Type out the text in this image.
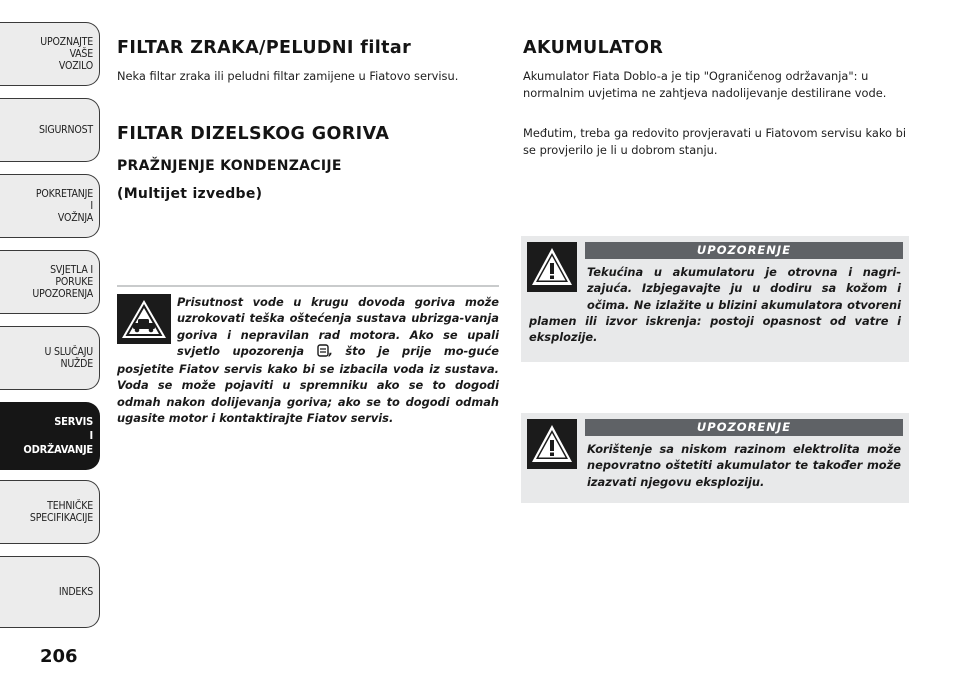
UPOZNAJTE
VAŠE
VOZILO
SIGURNOST
POKRETANJE
I
VOŽNJA
SVJETLA I
PORUKE
UPOZORENJA
U SLUČAJU
NUŽDE
SERVIS
I
ODRŽAVANJE
TEHNIČKE
SPECIFIKACIJE
INDEKS
206
FILTAR ZRAKA/PELUDNI filtar

Neka filtar zraka ili peludni filtar zamijene u Fiatovo servisu.

FILTAR DIZELSKOG GORIVA
PRAŽNJENJE KONDENZACIJE
(Multijet izvedbe)

Prisutnost vode u krugu dovoda goriva može uzrokovati teška oštećenja sustava ubrizga-vanja goriva i nepravilan rad motora. Ako se upali svjetlo upozorenja , što je prije mo-guće posjetite Fiatov servis kako bi se izbacila voda iz sustava. Voda se može pojaviti u spremniku ako se to dogodi odmah nakon dolijevanja goriva; ako se to dogodi odmah ugasite motor i kontaktirajte Fiatov servis.

AKUMULATOR

Akumulator Fiata Doblo-a je tip "Ograničenog održavanja": u normalnim uvjetima ne zahtjeva nadolijevanje destilirane vode.

Međutim, treba ga redovito provjeravati u Fiatovom servisu kako bi se provjerilo je li u dobrom stanju.

UPOZORENJE

Tekućina u akumulatoru je otrovna i nagri-zajuća. Izbjegavajte ju u dodiru sa kožom i očima. Ne izlažite u blizini akumulatora otvoreni plamen ili izvor iskrenja: postoji opasnost od vatre i eksplozije.

UPOZORENJE

Korištenje sa niskom razinom elektrolita može nepovratno oštetiti akumulator te također može izazvati njegovu eksploziju.
